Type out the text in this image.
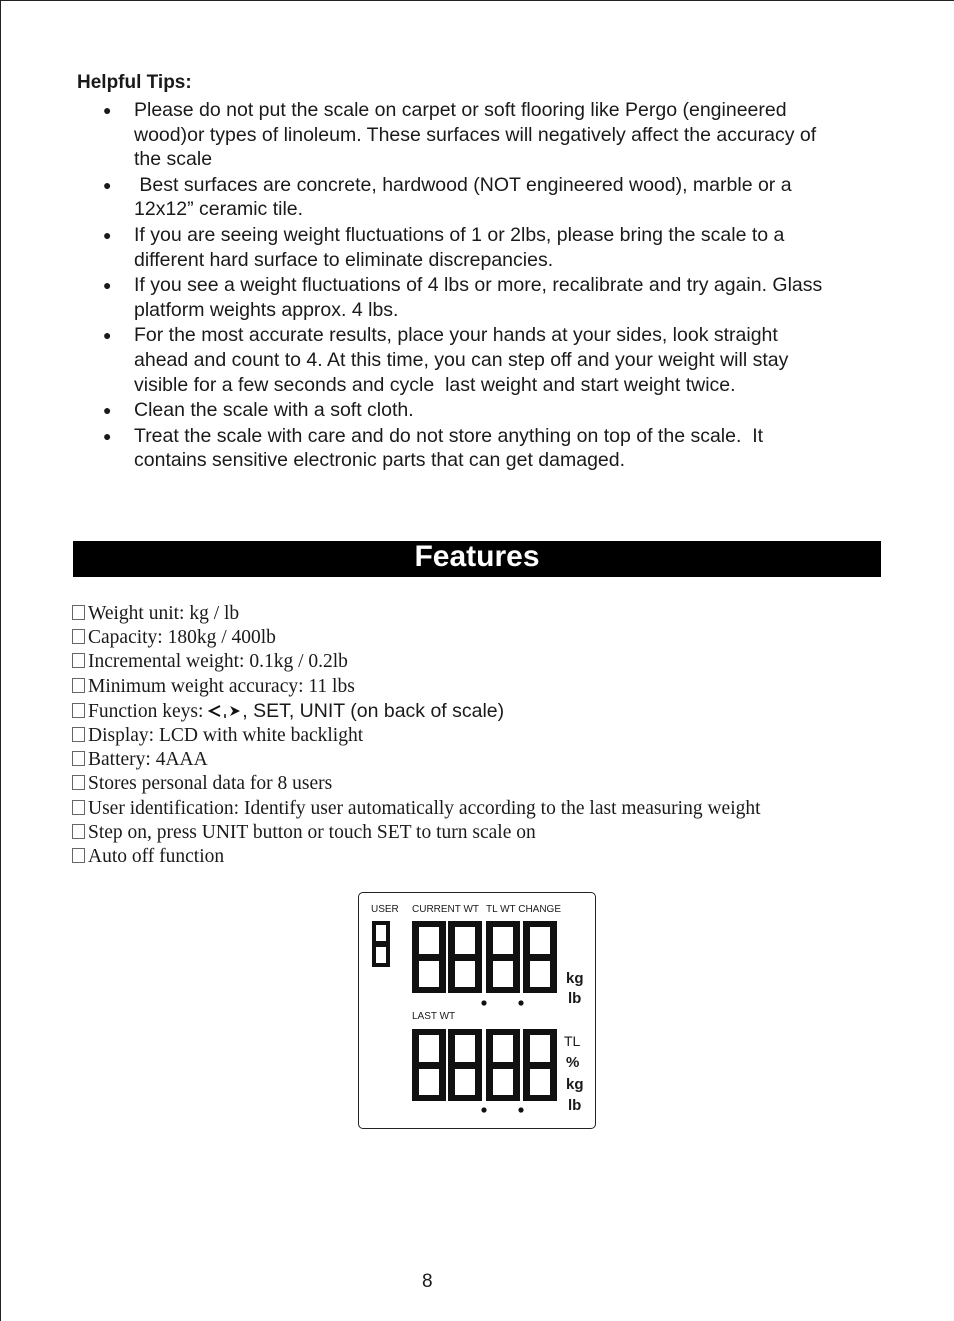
Helpful Tips:
● Please do not put the scale on carpet or soft flooring like Pergo (engineered
wood)or types of linoleum. These surfaces will negatively affect the accuracy of
the scale
● Best surfaces are concrete, hardwood (NOT engineered wood), marble or a
12x12” ceramic tile.
● If you are seeing weight fluctuations of 1 or 2lbs, please bring the scale to a
different hard surface to eliminate discrepancies.
● If you see a weight fluctuations of 4 lbs or more, recalibrate and try again. Glass
platform weights approx. 4 lbs.
● For the most accurate results, place your hands at your sides, look straight
ahead and count to 4. At this time, you can step off and your weight will stay
visible for a few seconds and cycle  last weight and start weight twice.
● Clean the scale with a soft cloth.
● Treat the scale with care and do not store anything on top of the scale.  It
contains sensitive electronic parts that can get damaged.
Features
Weight unit: kg / lb
Capacity: 180kg / 400lb
Incremental weight: 0.1kg / 0.2lb
Minimum weight accuracy: 11 lbs
Function keys: , SET, UNIT (on back of scale)
Display: LCD with white backlight
Battery: 4AAA
Stores personal data for 8 users
User identification: Identify user automatically according to the last measuring weight
Step on, press UNIT button or touch SET to turn scale on
Auto off function
USER CURRENT WT TL WT CHANGE
LAST WT
kg
lb
TL
%
kg
lb
8
